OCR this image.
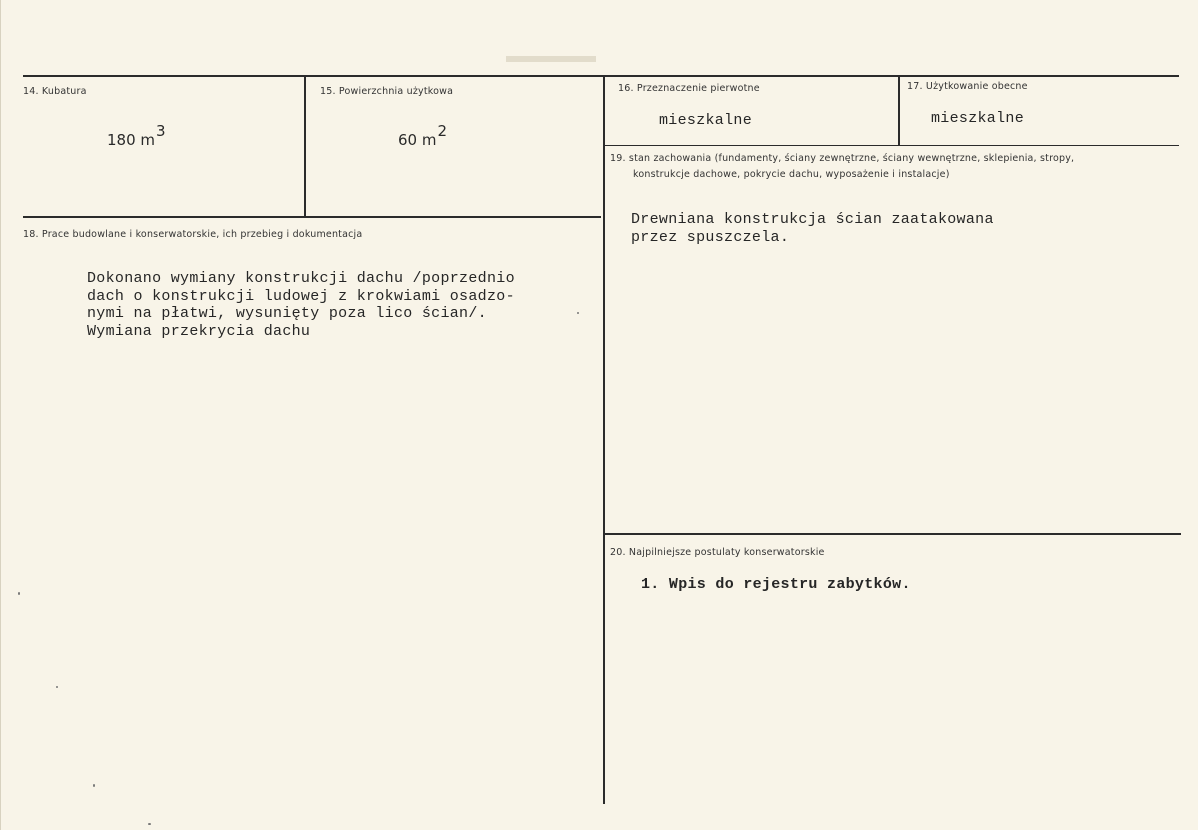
14. Kubatura
180 $m^3$
15. Powierzchnia użytkowa
60 $m^2$
16. Przeznaczenie pierwotne
mieszkalne
17. Użytkowanie obecne
mieszkalne
18. Prace budowlane i konserwatorskie, ich przebieg i dokumentacja
Dokonano wymiany konstrukcji dachu /poprzednio
dach o konstrukcji ludowej z krokwiami osadzo-
nymi na płatwi, wysunięty poza lico ścian/.
Wymiana przekrycia dachu
19. stan zachowania (fundamenty, ściany zewnętrzne, ściany wewnętrzne, sklepienia, stropy,
konstrukcje dachowe, pokrycie dachu, wyposażenie i instalacje)
Drewniana konstrukcja ścian zaatakowana
przez spuszczela.
20. Najpilniejsze postulaty konserwatorskie
1. Wpis do rejestru zabytków.
